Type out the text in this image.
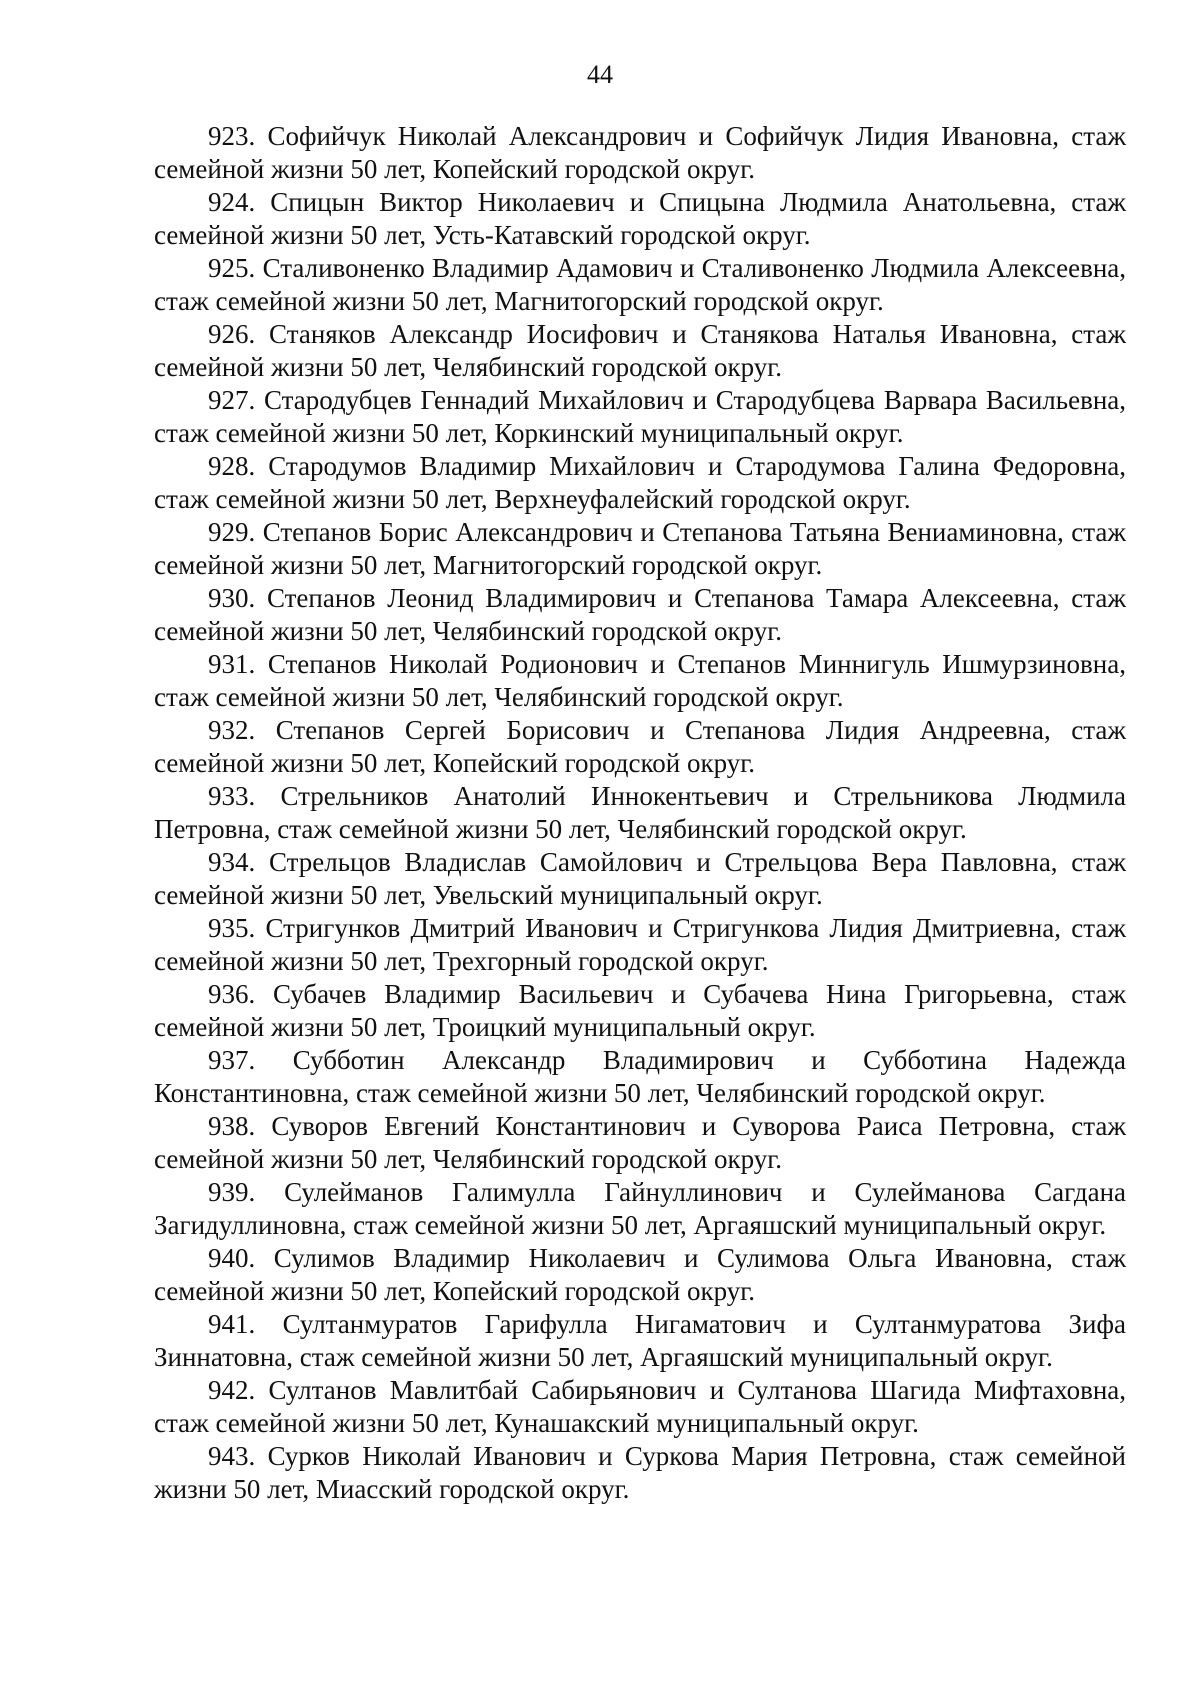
44

923. Софийчук Николай Александрович и Софийчук Лидия Ивановна, стаж семейной жизни 50 лет, Копейский городской округ.

924. Спицын Виктор Николаевич и Спицына Людмила Анатольевна, стаж семейной жизни 50 лет, Усть-Катавский городской округ.

925. Сталивоненко Владимир Адамович и Сталивоненко Людмила Алексеевна, стаж семейной жизни 50 лет, Магнитогорский городской округ.

926. Станяков Александр Иосифович и Станякова Наталья Ивановна, стаж семейной жизни 50 лет, Челябинский городской округ.

927. Стародубцев Геннадий Михайлович и Стародубцева Варвара Васильевна, стаж семейной жизни 50 лет, Коркинский муниципальный округ.

928. Стародумов Владимир Михайлович и Стародумова Галина Федоровна, стаж семейной жизни 50 лет, Верхнеуфалейский городской округ.

929. Степанов Борис Александрович и Степанова Татьяна Вениаминовна, стаж семейной жизни 50 лет, Магнитогорский городской округ.

930. Степанов Леонид Владимирович и Степанова Тамара Алексеевна, стаж семейной жизни 50 лет, Челябинский городской округ.

931. Степанов Николай Родионович и Степанов Миннигуль Ишмурзиновна, стаж семейной жизни 50 лет, Челябинский городской округ.

932. Степанов Сергей Борисович и Степанова Лидия Андреевна, стаж семейной жизни 50 лет, Копейский городской округ.

933. Стрельников Анатолий Иннокентьевич и Стрельникова Людмила Петровна, стаж семейной жизни 50 лет, Челябинский городской округ.

934. Стрельцов Владислав Самойлович и Стрельцова Вера Павловна, стаж семейной жизни 50 лет, Увельский муниципальный округ.

935. Стригунков Дмитрий Иванович и Стригункова Лидия Дмитриевна, стаж семейной жизни 50 лет, Трехгорный городской округ.

936. Субачев Владимир Васильевич и Субачева Нина Григорьевна, стаж семейной жизни 50 лет, Троицкий муниципальный округ.

937. Субботин Александр Владимирович и Субботина Надежда Константиновна, стаж семейной жизни 50 лет, Челябинский городской округ.

938. Суворов Евгений Константинович и Суворова Раиса Петровна, стаж семейной жизни 50 лет, Челябинский городской округ.

939. Сулейманов Галимулла Гайнуллинович и Сулейманова Сагдана Загидуллиновна, стаж семейной жизни 50 лет, Аргаяшский муниципальный округ.

940. Сулимов Владимир Николаевич и Сулимова Ольга Ивановна, стаж семейной жизни 50 лет, Копейский городской округ.

941. Султанмуратов Гарифулла Нигаматович и Султанмуратова Зифа Зиннатовна, стаж семейной жизни 50 лет, Аргаяшский муниципальный округ.

942. Султанов Мавлитбай Сабирьянович и Султанова Шагида Мифтаховна, стаж семейной жизни 50 лет, Кунашакский муниципальный округ.

943. Сурков Николай Иванович и Суркова Мария Петровна, стаж семейной жизни 50 лет, Миасский городской округ.
